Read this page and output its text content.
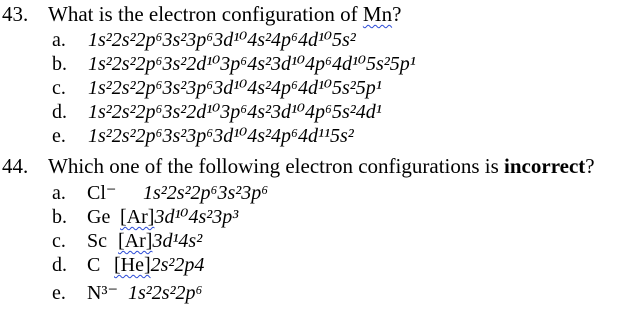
43. What is the electron configuration of Mn?
a.	1s²2s²2p⁶3s²3p⁶3d¹⁰4s²4p⁶4d¹⁰5s²
b.	1s²2s²2p⁶3s²2d¹⁰3p⁶4s²3d¹⁰4p⁶4d¹⁰5s²5p¹
c.	1s²2s²2p⁶3s²3p⁶3d¹⁰4s²4p⁶4d¹⁰5s²5p¹
d.	1s²2s²2p⁶3s²2d¹⁰3p⁶4s²3d¹⁰4p⁶5s²4d¹
e.	1s²2s²2p⁶3s²3p⁶3d¹⁰4s²4p⁶4d¹¹5s²
44. Which one of the following electron configurations is incorrect?
a.	Cl⁻ 1s²2s²2p⁶3s²3p⁶
b.	Ge [Ar]3d¹⁰4s²3p³
c.	Sc [Ar]3d¹4s²
d.	C [He]2s²2p4
e.	N³⁻ 1s²2s²2p⁶
